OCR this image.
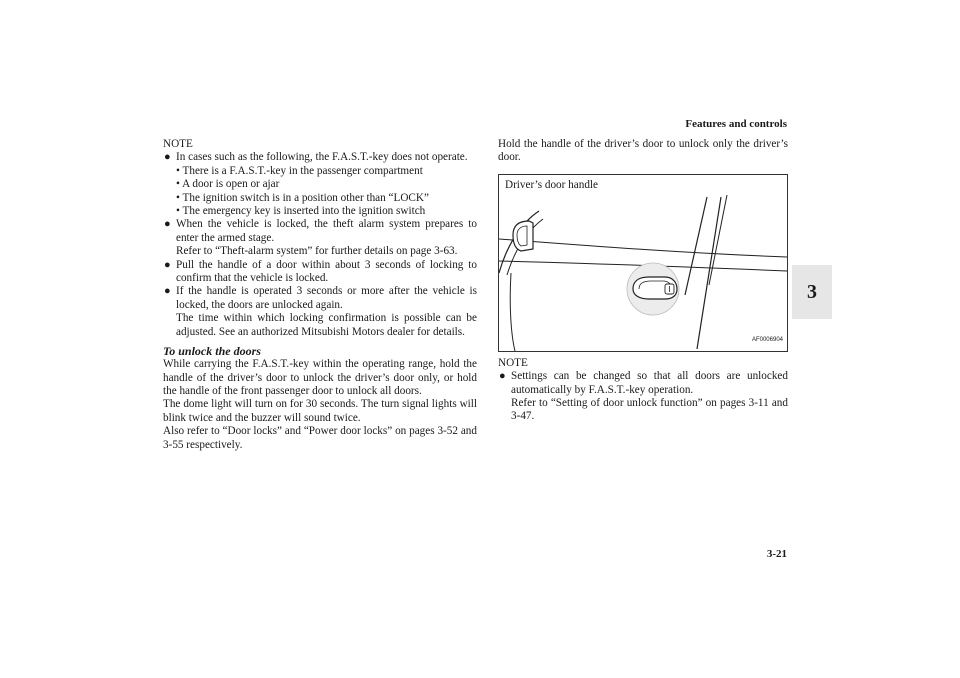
Features and controls
3
NOTE
● In cases such as the following, the F.A.S.T.-key does not operate.

• There is a F.A.S.T.-key in the passenger compartment

• A door is open or ajar

• The ignition switch is in a position other than “LOCK”

• The emergency key is inserted into the ignition switch

● When the vehicle is locked, the theft alarm system prepares to enter the armed stage.

Refer to “Theft-alarm system” for further details on page 3-63.

● Pull the handle of a door within about 3 seconds of locking to confirm that the vehicle is locked.

● If the handle is operated 3 seconds or more after the vehicle is locked, the doors are unlocked again.

The time within which locking confirmation is possible can be adjusted. See an authorized Mitsubishi Motors dealer for details.

To unlock the doors

While carrying the F.A.S.T.-key within the operating range, hold the handle of the driver’s door to unlock the driver’s door only, or hold the handle of the front passenger door to unlock all doors.

The dome light will turn on for 30 seconds. The turn signal lights will blink twice and the buzzer will sound twice.

Also refer to “Door locks” and “Power door locks” on pages 3-52 and 3-55 respectively.

Hold the handle of the driver’s door to unlock only the driver’s door.

Driver’s door handle
AF0006904
NOTE
● Settings can be changed so that all doors are unlocked automatically by F.A.S.T.-key operation.

Refer to “Setting of door unlock function” on pages 3-11 and 3-47.

3-21
